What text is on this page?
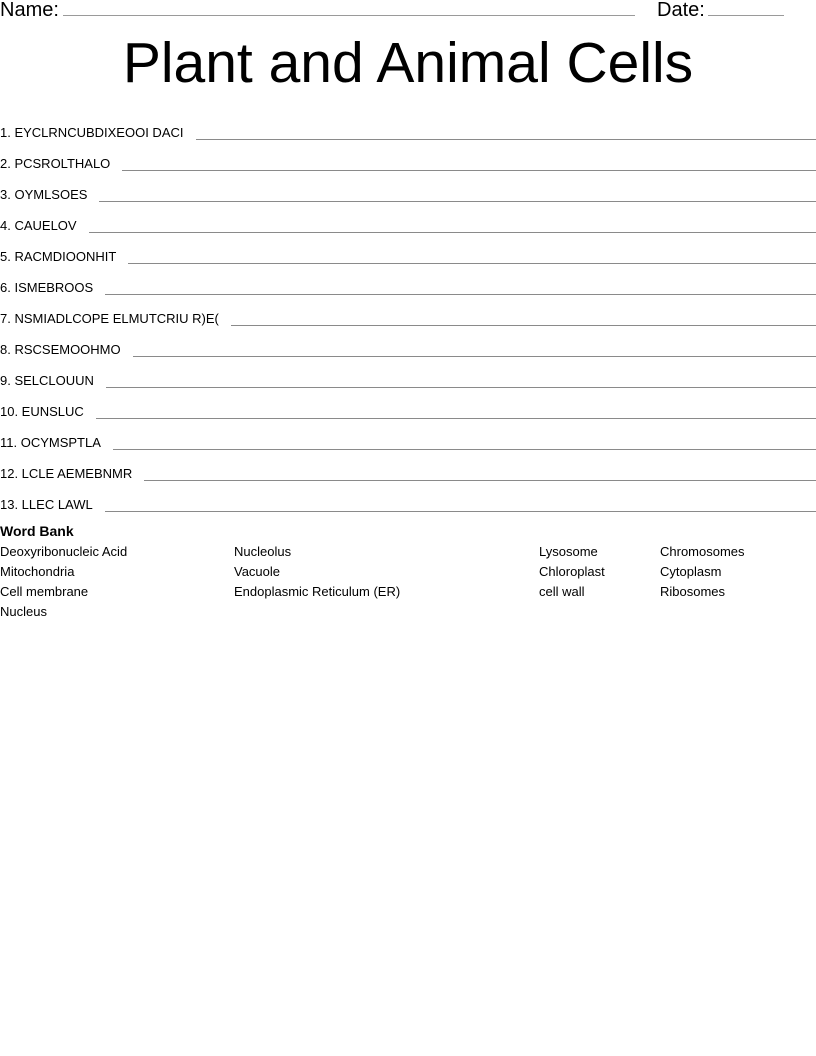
Name:	Date:
Plant and Animal Cells
1. EYCLRNCUBDIXEOOI DACI
2. PCSROLTHALO
3. OYMLSOES
4. CAUELOV
5. RACMDIOONHIT
6. ISMEBROOS
7. NSMIADLCOPE ELMUTCRIU R)E(
8. RSCSEMOOHMO
9. SELCLOUUN
10. EUNSLUC
11. OCYMSPTLA
12. LCLE AEMEBNMR
13. LLEC LAWL
Word Bank
Deoxyribonucleic Acid
Mitochondria
Cell membrane
Nucleus
Nucleolus
Vacuole
Endoplasmic Reticulum (ER)
Lysosome
Chloroplast
cell wall
Chromosomes
Cytoplasm
Ribosomes
